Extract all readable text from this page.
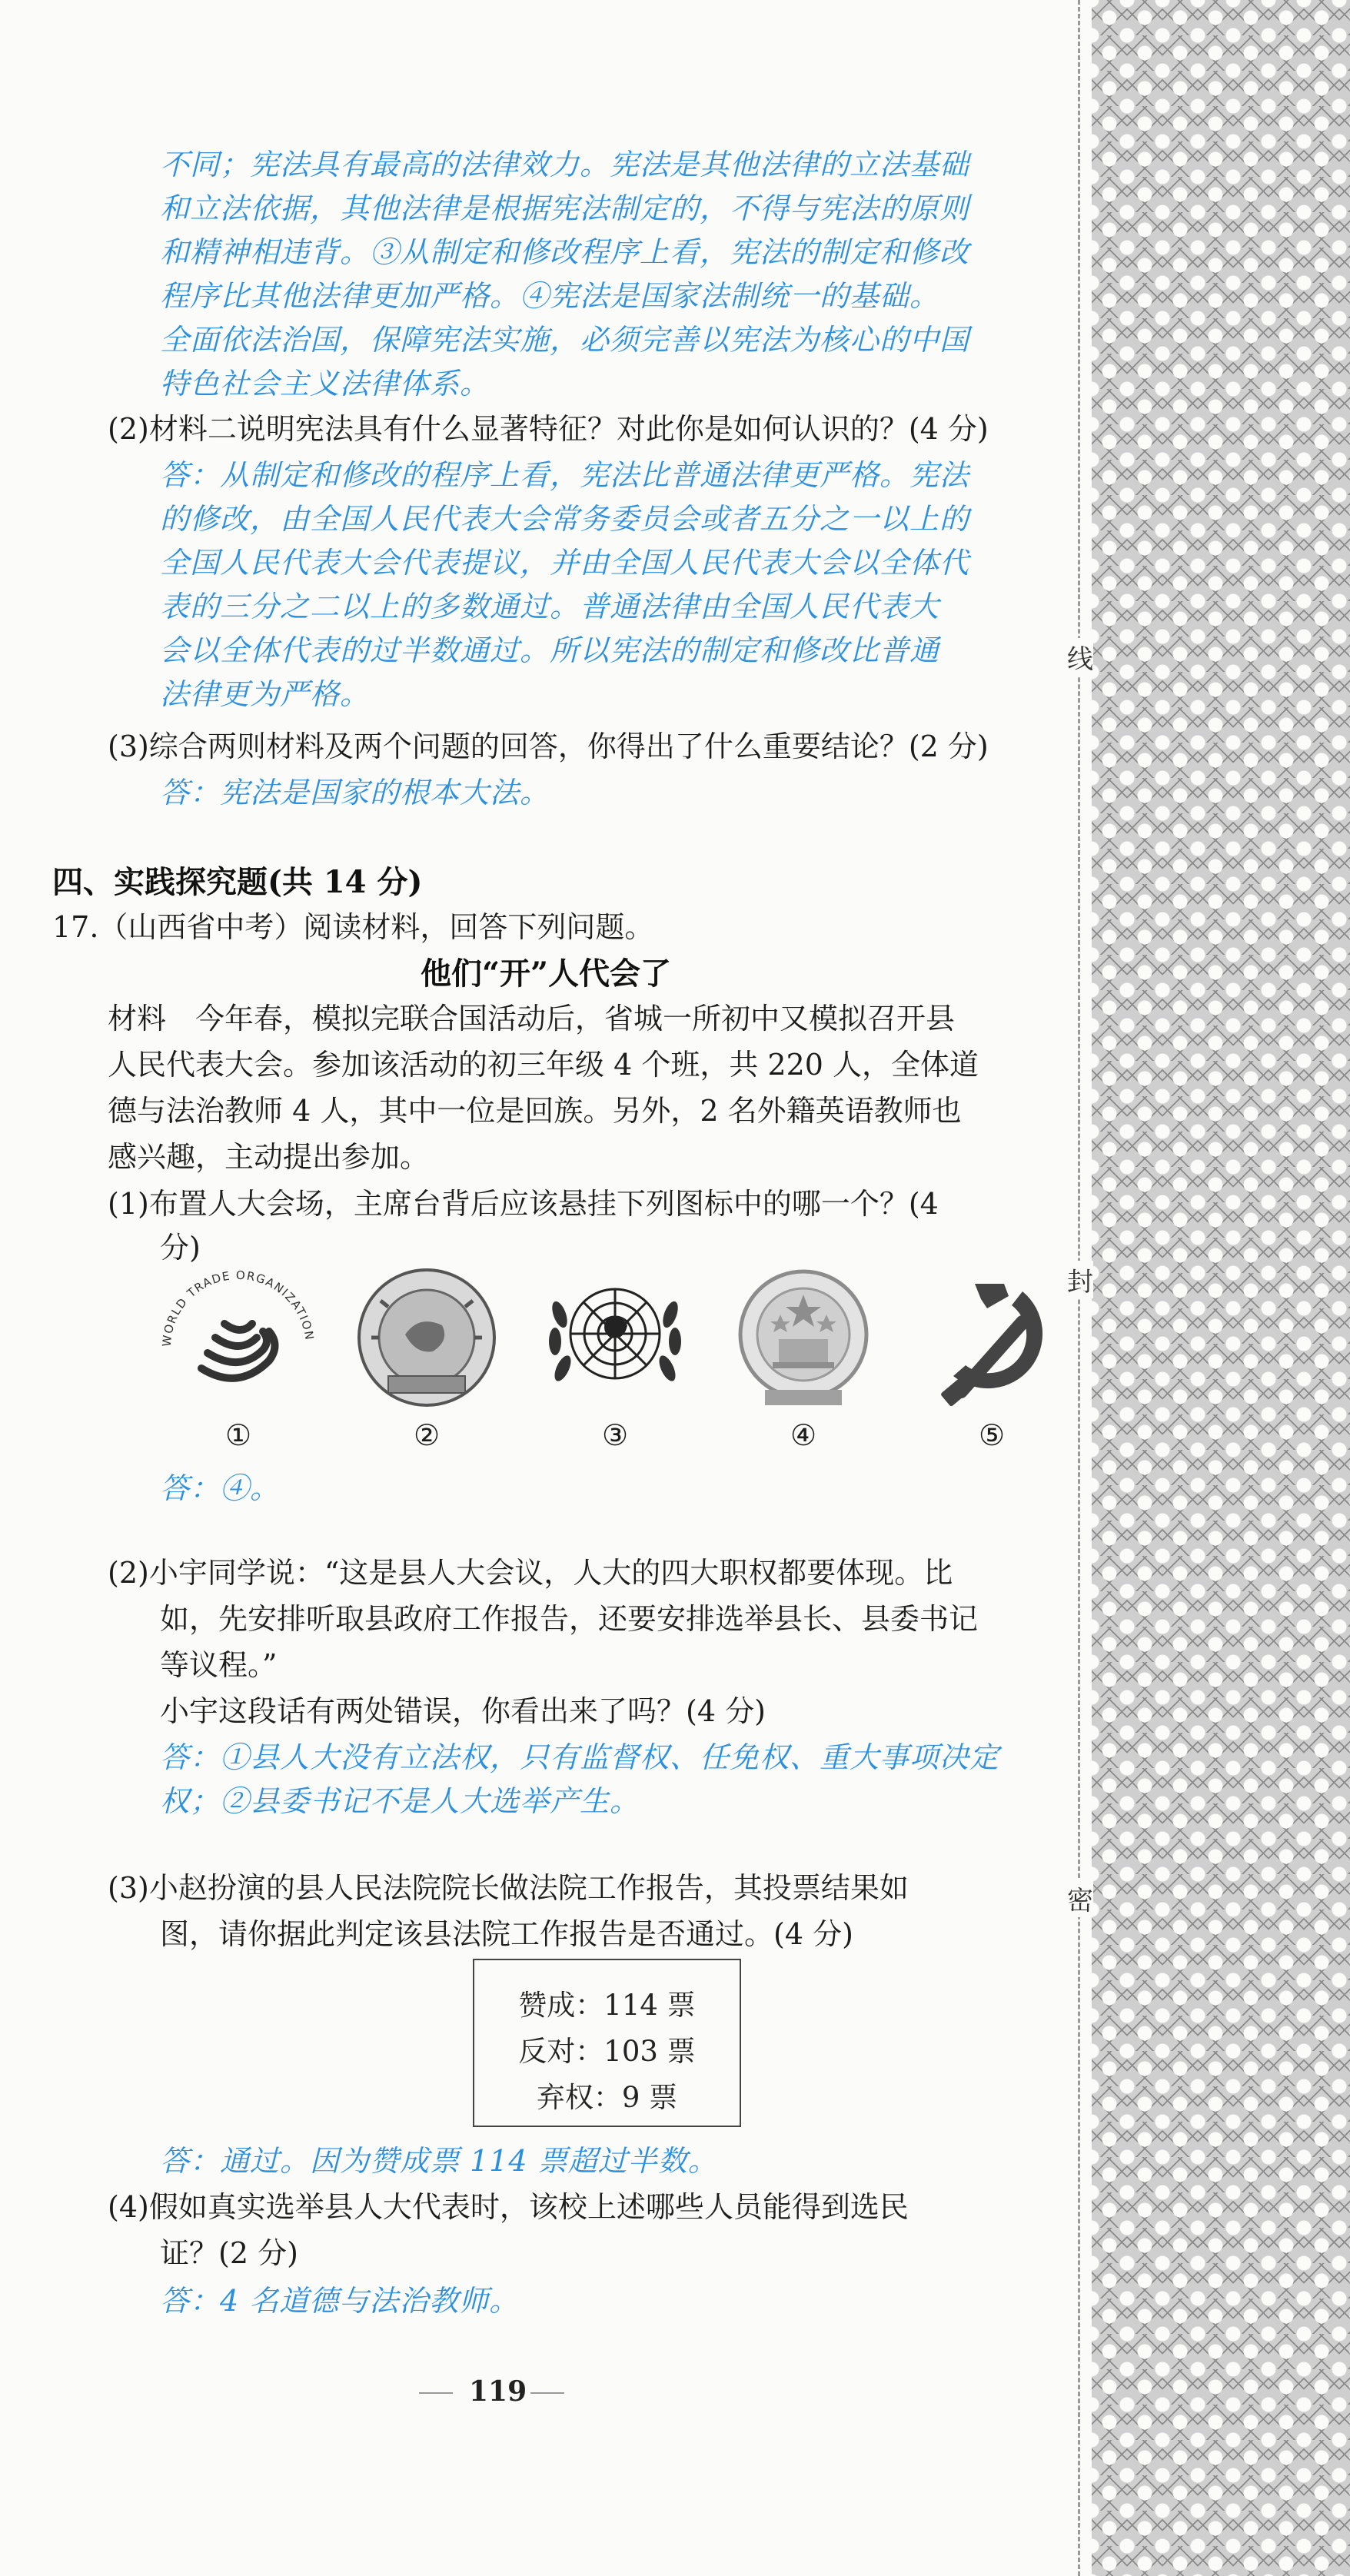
线
封
密
不同；宪法具有最高的法律效力。宪法是其他法律的立法基础
和立法依据，其他法律是根据宪法制定的，不得与宪法的原则
和精神相违背。③从制定和修改程序上看，宪法的制定和修改
程序比其他法律更加严格。④宪法是国家法制统一的基础。
全面依法治国，保障宪法实施，必须完善以宪法为核心的中国
特色社会主义法律体系。
(2)材料二说明宪法具有什么显著特征？对此你是如何认识的？(4 分)
答：从制定和修改的程序上看，宪法比普通法律更严格。宪法
的修改，由全国人民代表大会常务委员会或者五分之一以上的
全国人民代表大会代表提议，并由全国人民代表大会以全体代
表的三分之二以上的多数通过。普通法律由全国人民代表大
会以全体代表的过半数通过。所以宪法的制定和修改比普通
法律更为严格。
(3)综合两则材料及两个问题的回答，你得出了什么重要结论？(2 分)
答：宪法是国家的根本大法。
四、实践探究题(共 14 分)
17.（山西省中考）阅读材料，回答下列问题。
他们“开”人代会了
材料　今年春，模拟完联合国活动后，省城一所初中又模拟召开县
人民代表大会。参加该活动的初三年级 4 个班，共 220 人，全体道
德与法治教师 4 人，其中一位是回族。另外，2 名外籍英语教师也
感兴趣，主动提出参加。
(1)布置人大会场，主席台背后应该悬挂下列图标中的哪一个？(4
分)
WORLD TRADE ORGANIZATION
①	②	③	④	⑤
答：④。
(2)小宇同学说：“这是县人大会议，人大的四大职权都要体现。比
如，先安排听取县政府工作报告，还要安排选举县长、县委书记
等议程。”
小宇这段话有两处错误，你看出来了吗？(4 分)
答：①县人大没有立法权，只有监督权、任免权、重大事项决定
权；②县委书记不是人大选举产生。
(3)小赵扮演的县人民法院院长做法院工作报告，其投票结果如
图，请你据此判定该县法院工作报告是否通过。(4 分)
赞成：114 票
反对：103 票
弃权：9 票
答：通过。因为赞成票 114 票超过半数。
(4)假如真实选举县人大代表时，该校上述哪些人员能得到选民
证？(2 分)
答：4 名道德与法治教师。
119
